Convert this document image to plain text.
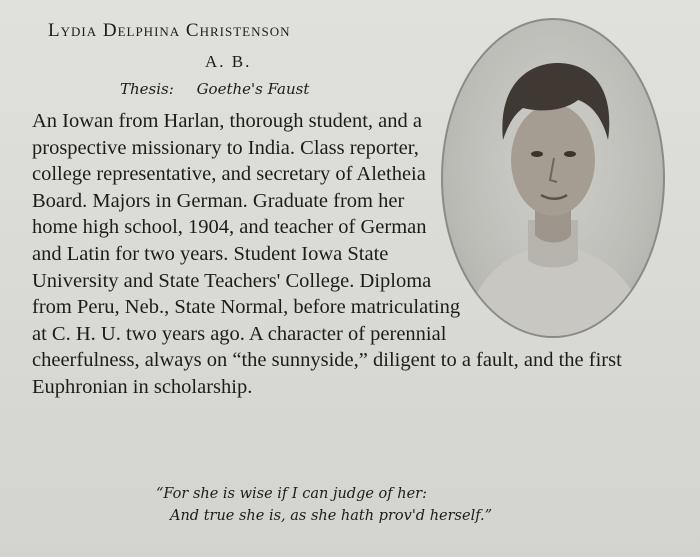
Lydia Delphina Christenson
A. B.
Thesis: Goethe's Faust
An Iowan from Harlan, thorough student, and a prospective missionary to India. Class reporter, college representative, and secretary of Aletheia Board. Majors in German. Graduate from her home high school, 1904, and teacher of German and Latin for two years. Student Iowa State University and State Teachers' College. Diploma from Peru, Neb., State Normal, before matriculating at C. H. U. two years ago. A character of perennial cheerfulness, always on “the sunnyside,” diligent to a fault, and the first Euphronian in scholarship.
“For she is wise if I can judge of her:
And true she is, as she hath prov'd herself.”
